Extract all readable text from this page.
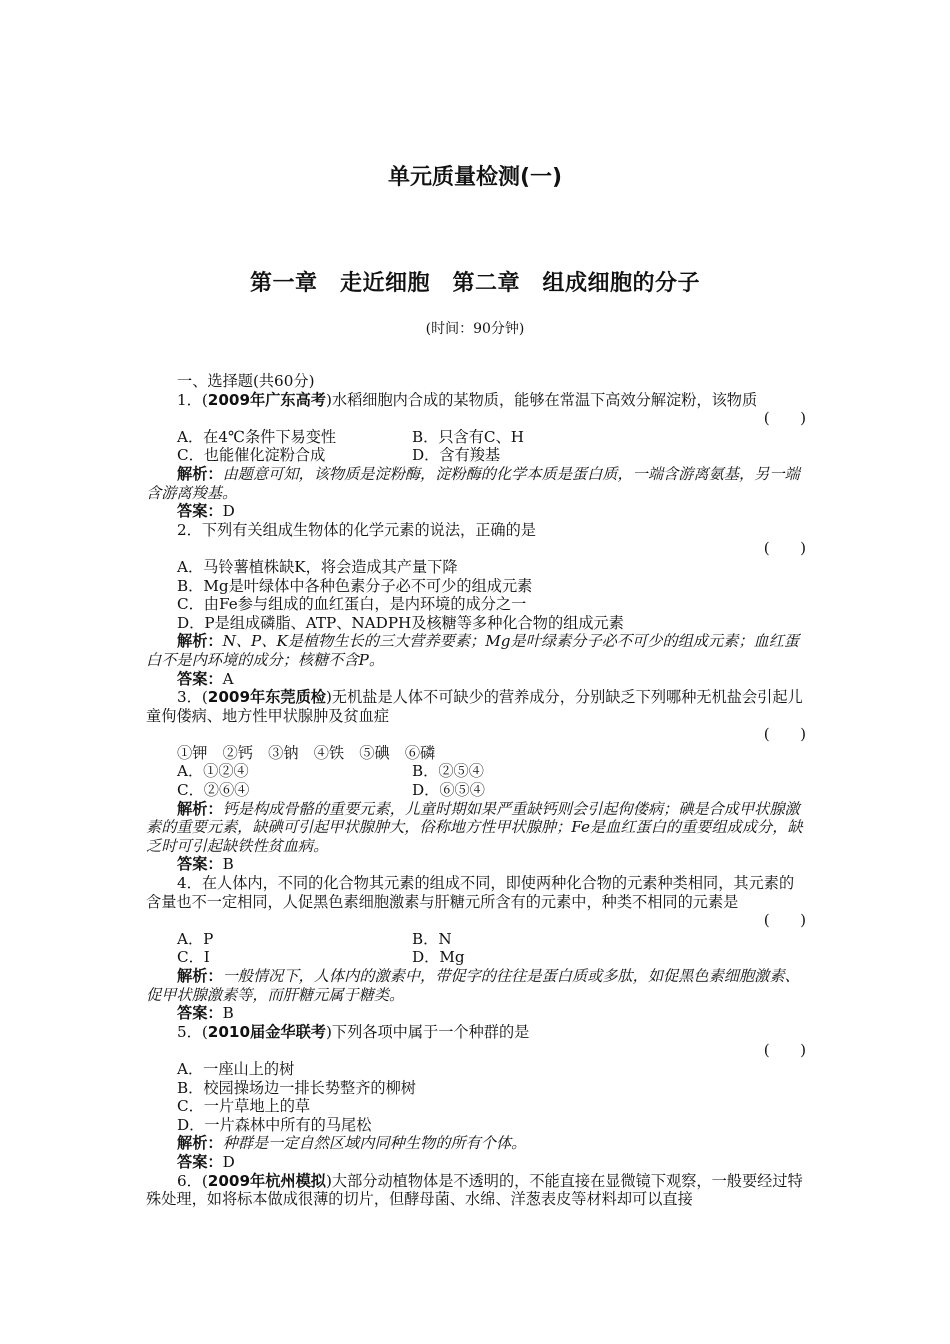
单元质量检测(一)
第一章　走近细胞　第二章　组成细胞的分子
(时间：90分钟)
一、选择题(共60分)
1．(2009年广东高考)水稻细胞内合成的某物质，能够在常温下高效分解淀粉，该物质
(　　)
A．在4℃条件下易变性	B．只含有C、H
C．也能催化淀粉合成	D．含有羧基
解析：由题意可知，该物质是淀粉酶，淀粉酶的化学本质是蛋白质，一端含游离氨基，另一端含游离羧基。
答案：D
2．下列有关组成生物体的化学元素的说法，正确的是
(　　)
A．马铃薯植株缺K，将会造成其产量下降
B．Mg是叶绿体中各种色素分子必不可少的组成元素
C．由Fe参与组成的血红蛋白，是内环境的成分之一
D．P是组成磷脂、ATP、NADPH及核糖等多种化合物的组成元素
解析：N、P、K是植物生长的三大营养要素；Mg是叶绿素分子必不可少的组成元素；血红蛋白不是内环境的成分；核糖不含P。
答案：A
3．(2009年东莞质检)无机盐是人体不可缺少的营养成分，分别缺乏下列哪种无机盐会引起儿童佝偻病、地方性甲状腺肿及贫血症
(　　)
①钾　②钙　③钠　④铁　⑤碘　⑥磷
A．①②④	B．②⑤④
C．②⑥④	D．⑥⑤④
解析：钙是构成骨骼的重要元素，儿童时期如果严重缺钙则会引起佝偻病；碘是合成甲状腺激素的重要元素，缺碘可引起甲状腺肿大，俗称地方性甲状腺肿；Fe是血红蛋白的重要组成成分，缺乏时可引起缺铁性贫血病。
答案：B
4．在人体内，不同的化合物其元素的组成不同，即使两种化合物的元素种类相同，其元素的含量也不一定相同，人促黑色素细胞激素与肝糖元所含有的元素中，种类不相同的元素是
(　　)
A．P	B．N
C．I	D．Mg
解析：一般情况下，人体内的激素中，带促字的往往是蛋白质或多肽，如促黑色素细胞激素、促甲状腺激素等，而肝糖元属于糖类。
答案：B
5．(2010届金华联考)下列各项中属于一个种群的是
(　　)
A．一座山上的树
B．校园操场边一排长势整齐的柳树
C．一片草地上的草
D．一片森林中所有的马尾松
解析：种群是一定自然区域内同种生物的所有个体。
答案：D
6．(2009年杭州模拟)大部分动植物体是不透明的，不能直接在显微镜下观察，一般要经过特殊处理，如将标本做成很薄的切片，但酵母菌、水绵、洋葱表皮等材料却可以直接
